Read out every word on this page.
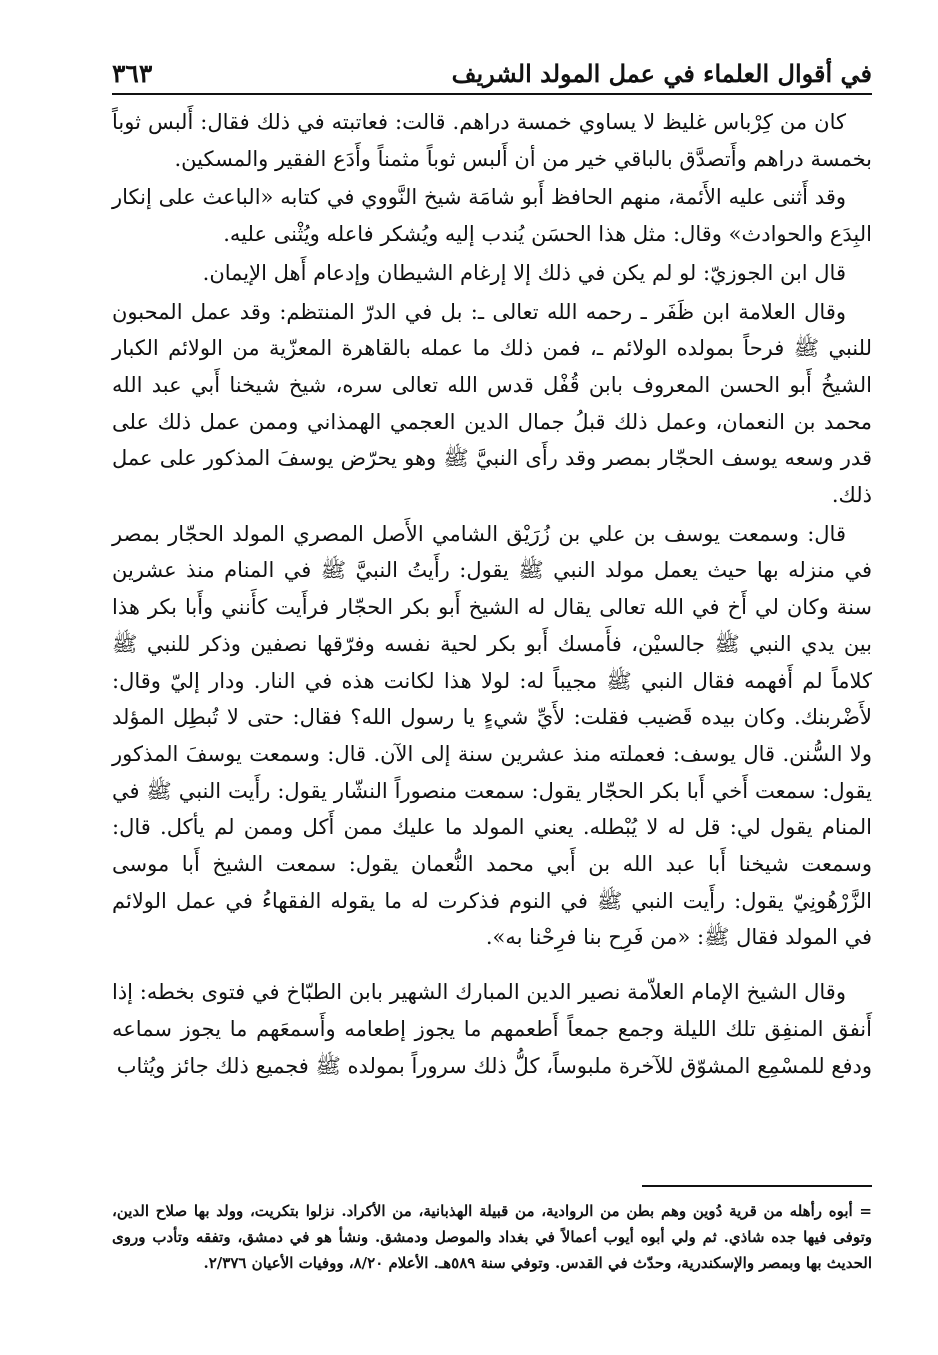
في أقوال العلماء في عمل المولد الشريف
٣٦٣

كان من كِرْباس غليظ لا يساوي خمسة دراهم. قالت: فعاتبته في ذلك فقال: أَلبس ثوباً بخمسة دراهم وأَتصدَّق بالباقي خير من أن أَلبس ثوباً مثمناً وأَدَع الفقير والمسكين.

وقد أَثنى عليه الأَئمة، منهم الحافظ أَبو شامَة شيخ النَّووي في كتابه «الباعث على إنكار البِدَع والحوادث» وقال: مثل هذا الحسَن يُندب إليه ويُشكر فاعله ويُثْنى عليه.

قال ابن الجوزيّ: لو لم يكن في ذلك إلا إرغام الشيطان وإدعام أَهل الإيمان.

وقال العلامة ابن ظَفَر ـ رحمه الله تعالى ـ: بل في الدرّ المنتظم: وقد عمل المحبون للنبي ﷺ فرحاً بمولده الولائم ـ، فمن ذلك ما عمله بالقاهرة المعزّية من الولائم الكبار الشيخُ أَبو الحسن المعروف بابن قُفْل قدس الله تعالى سره، شيخ شيخنا أَبي عبد الله محمد بن النعمان، وعمل ذلك قبلُ جمال الدين العجمي الهمذاني وممن عمل ذلك على قدر وسعه يوسف الحجّار بمصر وقد رأَى النبيَّ ﷺ وهو يحرّض يوسفَ المذكور على عمل ذلك.

قال: وسمعت يوسف بن علي بن زُرَيْق الشامي الأَصل المصري المولد الحجّار بمصر في منزله بها حيث يعمل مولد النبي ﷺ يقول: رأَيتُ النبيَّ ﷺ في المنام منذ عشرين سنة وكان لي أَخ في الله تعالى يقال له الشيخ أَبو بكر الحجّار فرأَيت كأَنني وأَبا بكر هذا بين يدي النبي ﷺ جالسيْن، فأَمسك أَبو بكر لحية نفسه وفرّقها نصفين وذكر للنبي ﷺ كلاماً لم أَفهمه فقال النبي ﷺ مجيباً له: لولا هذا لكانت هذه في النار. ودار إليّ وقال: لأَضْربنك. وكان بيده قَضيب فقلت: لأَيِّ شيءٍ يا رسول الله؟ فقال: حتى لا تُبطِل المؤلد ولا السُّنن. قال يوسف: فعملته منذ عشرين سنة إلى الآن. قال: وسمعت يوسفَ المذكور يقول: سمعت أَخي أَبا بكر الحجّار يقول: سمعت منصوراً النشّار يقول: رأَيت النبي ﷺ في المنام يقول لي: قل له لا يُبْطله. يعني المولد ما عليك ممن أَكل وممن لم يأكل. قال: وسمعت شيخنا أَبا عبد الله بن أَبي محمد النُّعمان يقول: سمعت الشيخ أَبا موسى الزَّرْهُونِيّ يقول: رأَيت النبي ﷺ في النوم فذكرت له ما يقوله الفقهاءُ في عمل الولائم في المولد فقال ﷺ: «من فَرِح بنا فرِحْنا به».

وقال الشيخ الإمام العلاّمة نصير الدين المبارك الشهير بابن الطبّاخ في فتوى بخطه: إذا أَنفق المنفِق تلك الليلة وجمع جمعاً أَطعمهم ما يجوز إطعامه وأَسمعَهم ما يجوز سماعه ودفع للمسْمِع المشوّق للآخرة ملبوساً، كلُّ ذلك سروراً بمولده ﷺ فجميع ذلك جائز ويُثاب

= أبوه رأهله من قرية دُوين وهم بطن من الروادية، من قبيلة الهذبانية، من الأكراد. نزلوا بتكريت، وولد بها صلاح الدين، وتوفى فيها جده شاذي. ثم ولي أبوه أيوب أعمالاً في بغداد والموصل ودمشق. ونشأ هو في دمشق، وتفقه وتأدب وروى الحديث بها وبمصر والإسكندرية، وحدّث في القدس. وتوفي سنة ٥٨٩هـ. الأعلام ٨/٢٠، ووفيات الأعيان ٢/٣٧٦.
